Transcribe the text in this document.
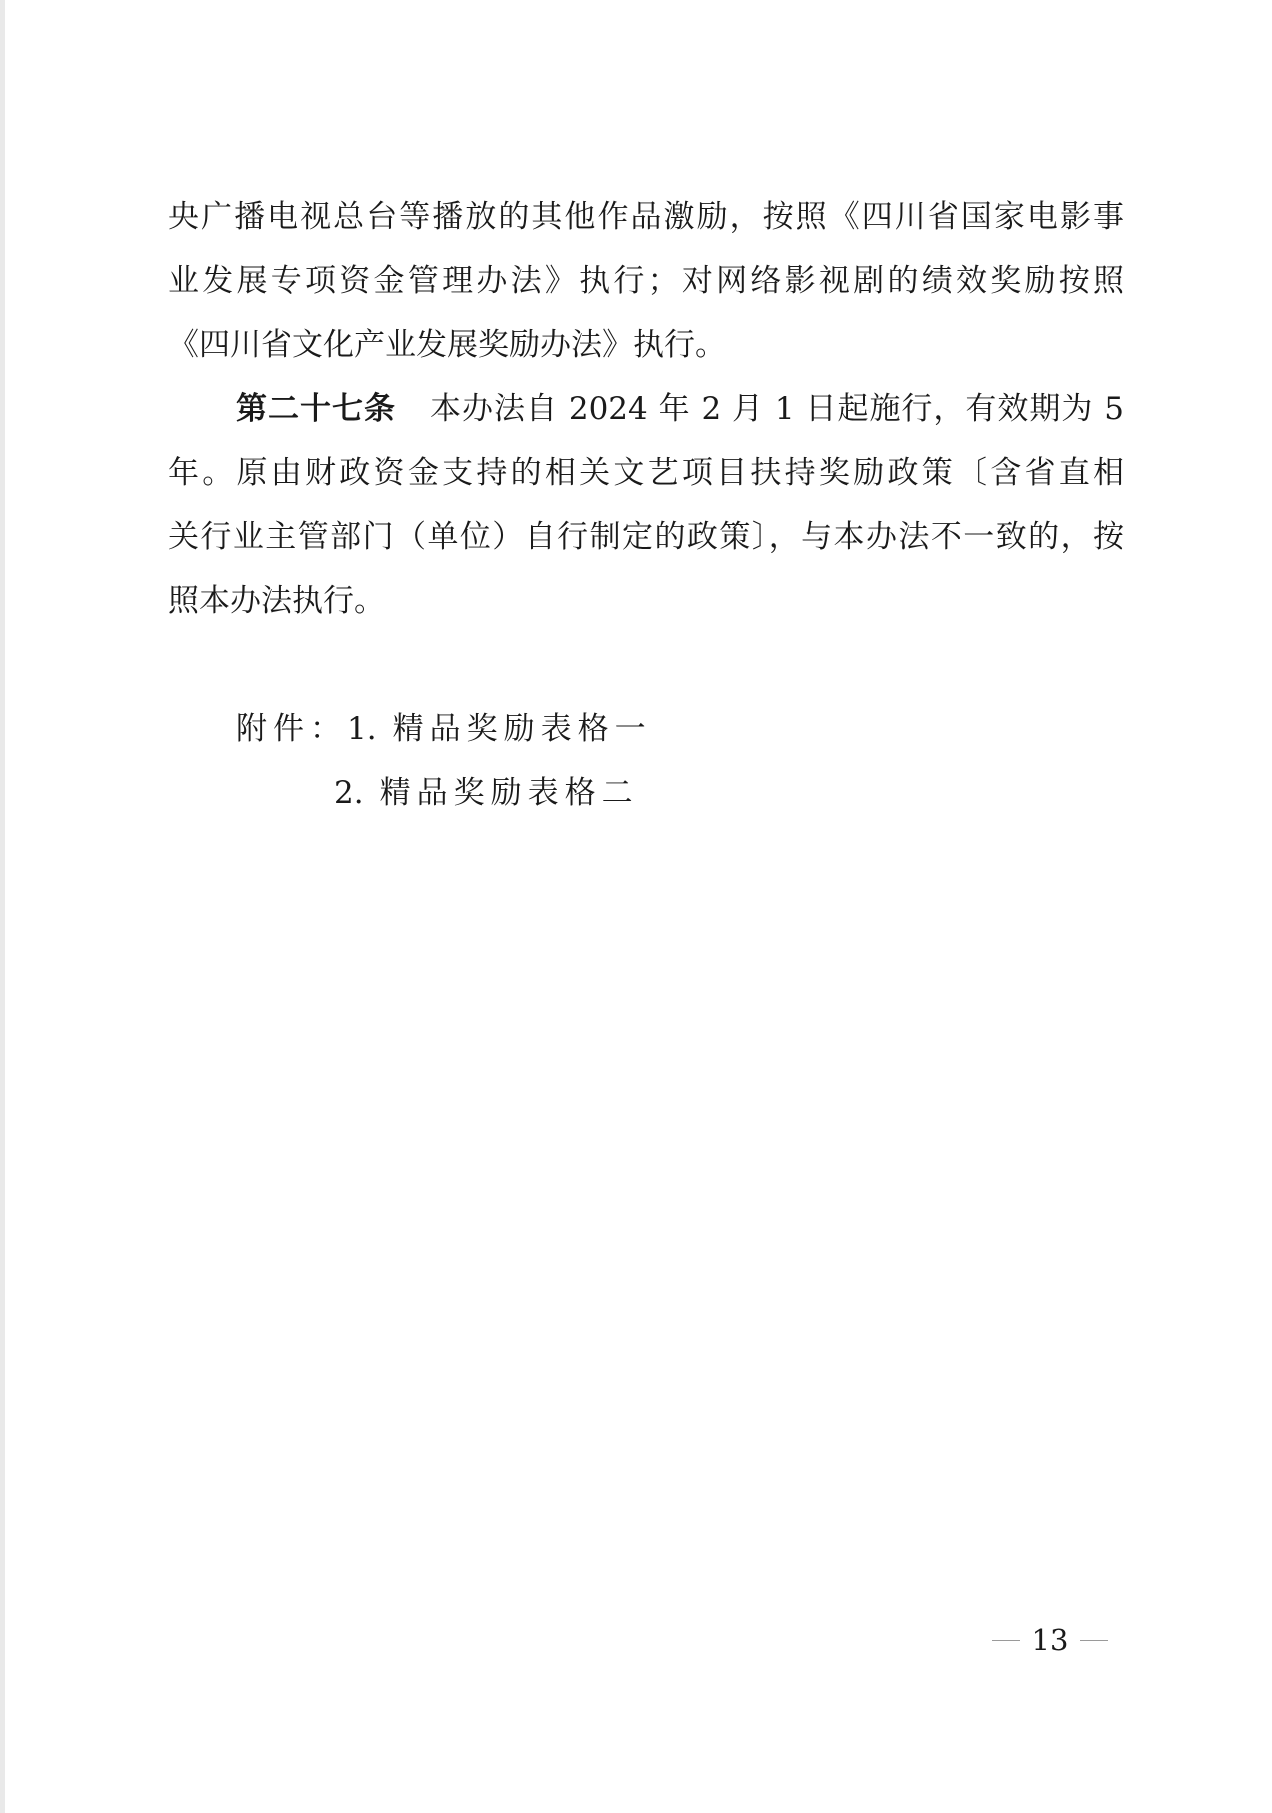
央广播电视总台等播放的其他作品激励，按照《四川省国家电影事
业发展专项资金管理办法》执行；对网络影视剧的绩效奖励按照
《四川省文化产业发展奖励办法》执行。
第二十七条 本办法自 2024 年 2 月 1 日起施行，有效期为 5
年。原由财政资金支持的相关文艺项目扶持奖励政策〔含省直相
关行业主管部门（单位）自行制定的政策〕，与本办法不一致的，按
照本办法执行。
附件：1. 精品奖励表格一
2. 精品奖励表格二
13
